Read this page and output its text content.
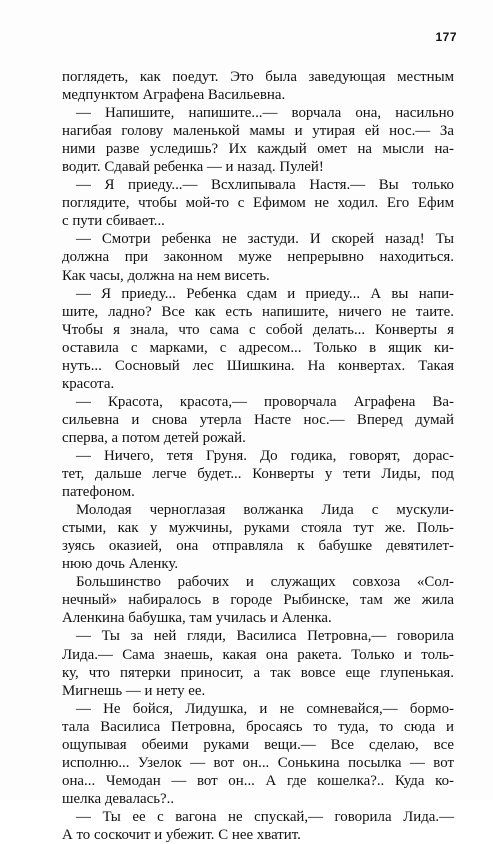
177
поглядеть, как поедут. Это была заведующая местным
медпунктом Аграфена Васильевна.
— Напишите, напишите...— ворчала она, насильно
нагибая голову маленькой мамы и утирая ей нос.— За
ними разве уследишь? Их каждый омет на мысли на-
водит. Сдавай ребенка — и назад. Пулей!
— Я приеду...— Всхлипывала Настя.— Вы только
поглядите, чтобы мой-то с Ефимом не ходил. Его Ефим
с пути сбивает...
— Смотри ребенка не застуди. И скорей назад! Ты
должна при законном муже непрерывно находиться.
Как часы, должна на нем висеть.
— Я приеду... Ребенка сдам и приеду... А вы напи-
шите, ладно? Все как есть напишите, ничего не таите.
Чтобы я знала, что сама с собой делать... Конверты я
оставила с марками, с адресом... Только в ящик ки-
нуть... Сосновый лес Шишкина. На конвертах. Такая
красота.
— Красота, красота,— проворчала Аграфена Ва-
сильевна и снова утерла Насте нос.— Вперед думай
сперва, а потом детей рожай.
— Ничего, тетя Груня. До годика, говорят, дорас-
тет, дальше легче будет... Конверты у тети Лиды, под
патефоном.
Молодая черноглазая волжанка Лида с мускули-
стыми, как у мужчины, руками стояла тут же. Поль-
зуясь оказией, она отправляла к бабушке девятилет-
нюю дочь Аленку.
Большинство рабочих и служащих совхоза «Сол-
нечный» набиралось в городе Рыбинске, там же жила
Аленкина бабушка, там училась и Аленка.
— Ты за ней гляди, Василиса Петровна,— говорила
Лида.— Сама знаешь, какая она ракета. Только и толь-
ку, что пятерки приносит, а так вовсе еще глупенькая.
Мигнешь — и нету ее.
— Не бойся, Лидушка, и не сомневайся,— бормо-
тала Василиса Петровна, бросаясь то туда, то сюда и
ощупывая обеими руками вещи.— Все сделаю, все
исполню... Узелок — вот он... Сонькина посылка — вот
она... Чемодан — вот он... А где кошелка?.. Куда ко-
шелка девалась?..
— Ты ее с вагона не спускай,— говорила Лида.—
А то соскочит и убежит. С нее хватит.
